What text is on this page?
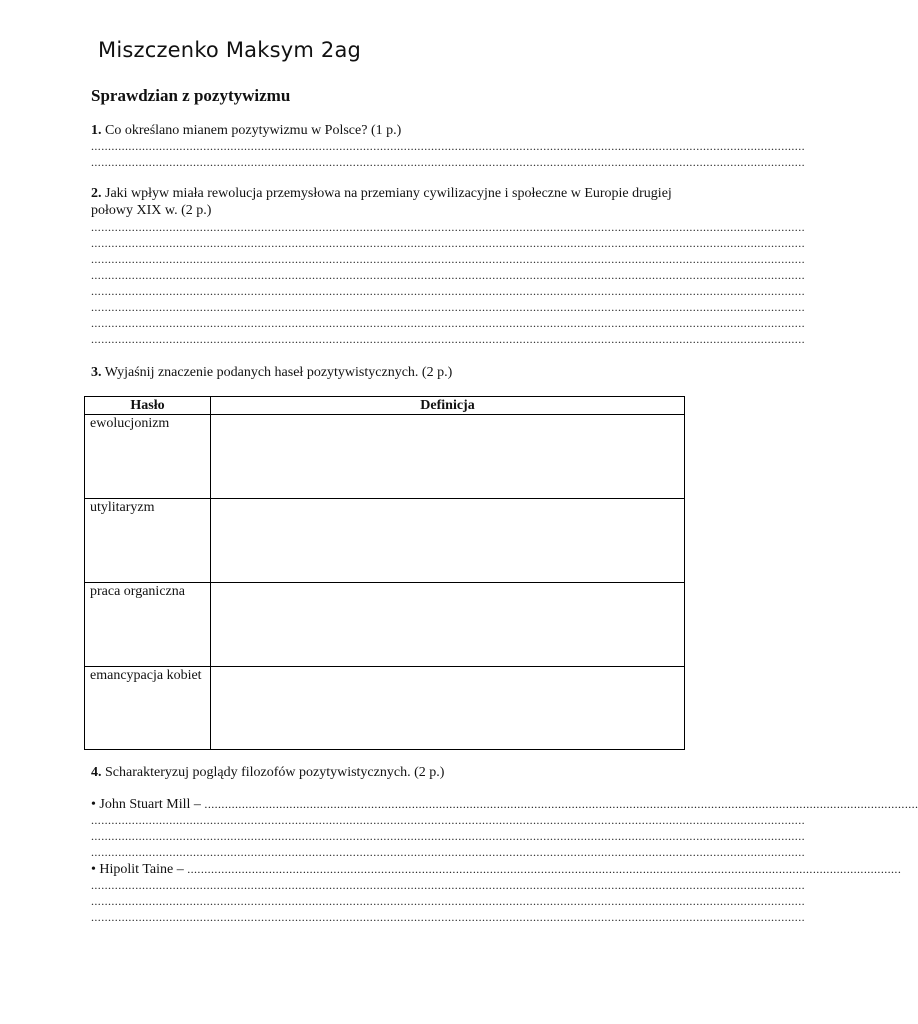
Miszczenko Maksym 2ag
Sprawdzian z pozytywizmu
1. Co określano mianem pozytywizmu w Polsce? (1 p.)
..................................................................................................................................................................................................................
..................................................................................................................................................................................................................
2. Jaki wpływ miała rewolucja przemysłowa na przemiany cywilizacyjne i społeczne w Europie drugiej połowy XIX w. (2 p.)
..................................................................................................................................................................................................................
..................................................................................................................................................................................................................
..................................................................................................................................................................................................................
..................................................................................................................................................................................................................
..................................................................................................................................................................................................................
..................................................................................................................................................................................................................
..................................................................................................................................................................................................................
..................................................................................................................................................................................................................
3. Wyjaśnij znaczenie podanych haseł pozytywistycznych. (2 p.)
Hasło	Definicja
ewolucjonizm	
utylitaryzm	
praca organiczna	
emancypacja kobiet	
4. Scharakteryzuj poglądy filozofów pozytywistycznych. (2 p.)
• John Stuart Mill – ..................................................................................................................................................................................................................
..................................................................................................................................................................................................................
..................................................................................................................................................................................................................
..................................................................................................................................................................................................................
• Hipolit Taine – ..................................................................................................................................................................................................................
..................................................................................................................................................................................................................
..................................................................................................................................................................................................................
..................................................................................................................................................................................................................
